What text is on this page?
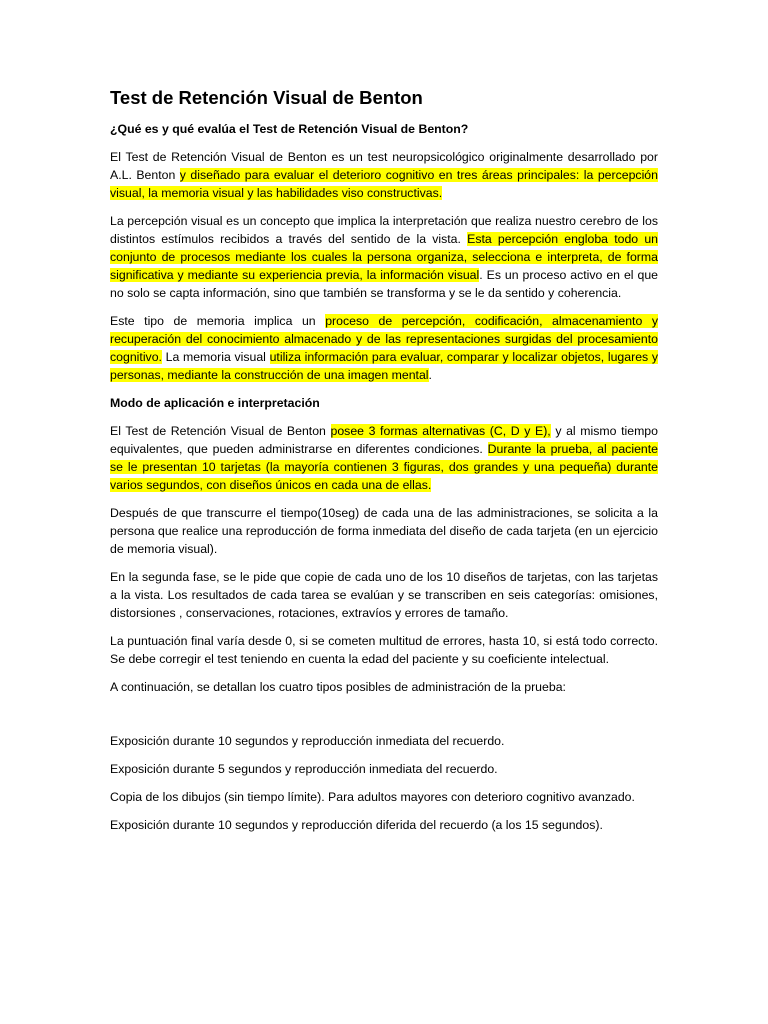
Test de Retención Visual de Benton
¿Qué es y qué evalúa el Test de Retención Visual de Benton?

El Test de Retención Visual de Benton es un test neuropsicológico originalmente desarrollado por A.L. Benton y diseñado para evaluar el deterioro cognitivo en tres áreas principales: la percepción visual, la memoria visual y las habilidades viso constructivas.

La percepción visual es un concepto que implica la interpretación que realiza nuestro cerebro de los distintos estímulos recibidos a través del sentido de la vista. Esta percepción engloba todo un conjunto de procesos mediante los cuales la persona organiza, selecciona e interpreta, de forma significativa y mediante su experiencia previa, la información visual. Es un proceso activo en el que no solo se capta información, sino que también se transforma y se le da sentido y coherencia.

Este tipo de memoria implica un proceso de percepción, codificación, almacenamiento y recuperación del conocimiento almacenado y de las representaciones surgidas del procesamiento cognitivo. La memoria visual utiliza información para evaluar, comparar y localizar objetos, lugares y personas, mediante la construcción de una imagen mental.

Modo de aplicación e interpretación

El Test de Retención Visual de Benton posee 3 formas alternativas (C, D y E), y al mismo tiempo equivalentes, que pueden administrarse en diferentes condiciones. Durante la prueba, al paciente se le presentan 10 tarjetas (la mayoría contienen 3 figuras, dos grandes y una pequeña) durante varios segundos, con diseños únicos en cada una de ellas.

Después de que transcurre el tiempo(10seg) de cada una de las administraciones, se solicita a la persona que realice una reproducción de forma inmediata del diseño de cada tarjeta (en un ejercicio de memoria visual).

En la segunda fase, se le pide que copie de cada uno de los 10 diseños de tarjetas, con las tarjetas a la vista. Los resultados de cada tarea se evalúan y se transcriben en seis categorías: omisiones, distorsiones , conservaciones, rotaciones, extravíos y errores de tamaño.

La puntuación final varía desde 0, si se cometen multitud de errores, hasta 10, si está todo correcto. Se debe corregir el test teniendo en cuenta la edad del paciente y su coeficiente intelectual.

A continuación, se detallan los cuatro tipos posibles de administración de la prueba:

Exposición durante 10 segundos y reproducción inmediata del recuerdo.

Exposición durante 5 segundos y reproducción inmediata del recuerdo.

Copia de los dibujos (sin tiempo límite). Para adultos mayores con deterioro cognitivo avanzado.

Exposición durante 10 segundos y reproducción diferida del recuerdo (a los 15 segundos).
